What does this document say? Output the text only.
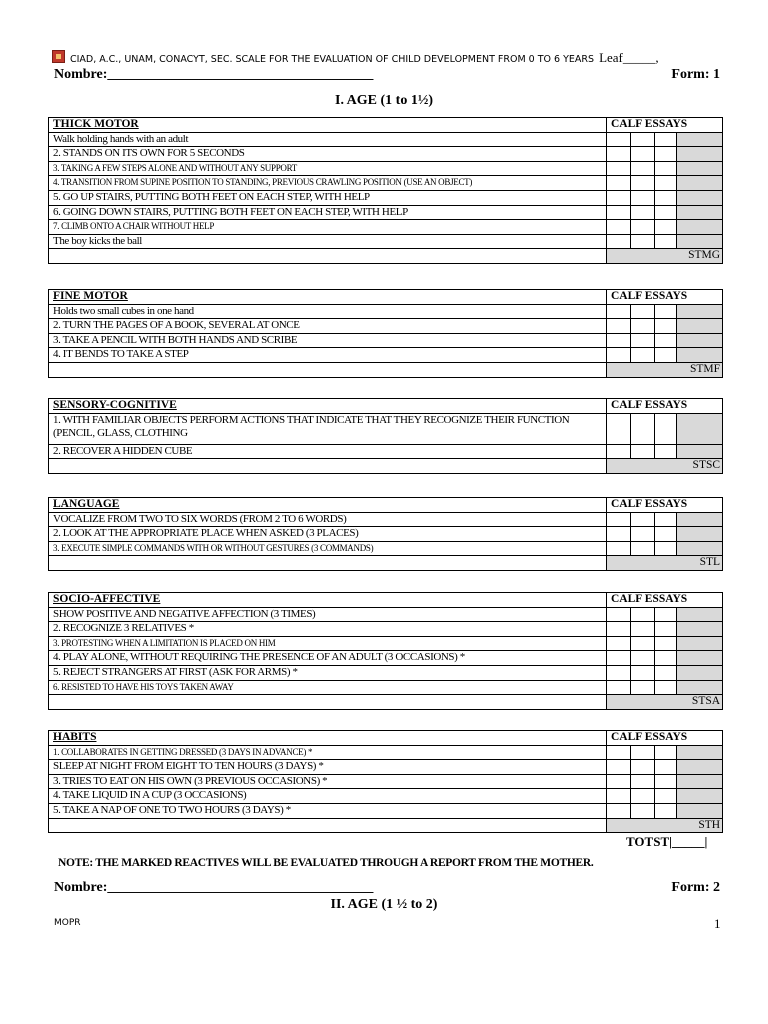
CIAD, A.C., UNAM, CONACYT, SEC. SCALE FOR THE EVALUATION OF CHILD DEVELOPMENT FROM 0 TO 6 YEARS Leaf_____,
Nombre:______________________________________	Form: 1
I. AGE (1 to 1½)
THICK MOTOR	CALF ESSAYS			
Walk holding hands with an adult				
2. STANDS ON ITS OWN FOR 5 SECONDS				
3. TAKING A FEW STEPS ALONE AND WITHOUT ANY SUPPORT				
4. TRANSITION FROM SUPINE POSITION TO STANDING, PREVIOUS CRAWLING POSITION (USE AN OBJECT)				
5. GO UP STAIRS, PUTTING BOTH FEET ON EACH STEP, WITH HELP				
6. GOING DOWN STAIRS, PUTTING BOTH FEET ON EACH STEP, WITH HELP				
7. CLIMB ONTO A CHAIR WITHOUT HELP				
The boy kicks the ball				
	STMG			
FINE MOTOR	CALF ESSAYS			
Holds two small cubes in one hand				
2. TURN THE PAGES OF A BOOK, SEVERAL AT ONCE				
3. TAKE A PENCIL WITH BOTH HANDS AND SCRIBE				
4. IT BENDS TO TAKE A STEP				
	STMF			
SENSORY-COGNITIVE	CALF ESSAYS			
1. WITH FAMILIAR OBJECTS PERFORM ACTIONS THAT INDICATE THAT THEY RECOGNIZE THEIR FUNCTION (PENCIL, GLASS, CLOTHING				
2. RECOVER A HIDDEN CUBE				
	STSC			
LANGUAGE	CALF ESSAYS			
VOCALIZE FROM TWO TO SIX WORDS (FROM 2 TO 6 WORDS)				
2. LOOK AT THE APPROPRIATE PLACE WHEN ASKED (3 PLACES)				
3. EXECUTE SIMPLE COMMANDS WITH OR WITHOUT GESTURES (3 COMMANDS)				
	STL			
SOCIO-AFFECTIVE	CALF ESSAYS			
SHOW POSITIVE AND NEGATIVE AFFECTION (3 TIMES)				
2. RECOGNIZE 3 RELATIVES *				
3. PROTESTING WHEN A LIMITATION IS PLACED ON HIM				
4. PLAY ALONE, WITHOUT REQUIRING THE PRESENCE OF AN ADULT (3 OCCASIONS) *				
5. REJECT STRANGERS AT FIRST (ASK FOR ARMS) *				
6. RESISTED TO HAVE HIS TOYS TAKEN AWAY				
	STSA			
HABITS	CALF ESSAYS			
1. COLLABORATES IN GETTING DRESSED (3 DAYS IN ADVANCE) *				
SLEEP AT NIGHT FROM EIGHT TO TEN HOURS (3 DAYS) *				
3. TRIES TO EAT ON HIS OWN (3 PREVIOUS OCCASIONS) *				
4. TAKE LIQUID IN A CUP (3 OCCASIONS)				
5. TAKE A NAP OF ONE TO TWO HOURS (3 DAYS) *				
	STH			
TOTST|_____|
NOTE: THE MARKED REACTIVES WILL BE EVALUATED THROUGH A REPORT FROM THE MOTHER.
Nombre:______________________________________	Form: 2
II. AGE (1 ½ to 2)
MOPR	1
